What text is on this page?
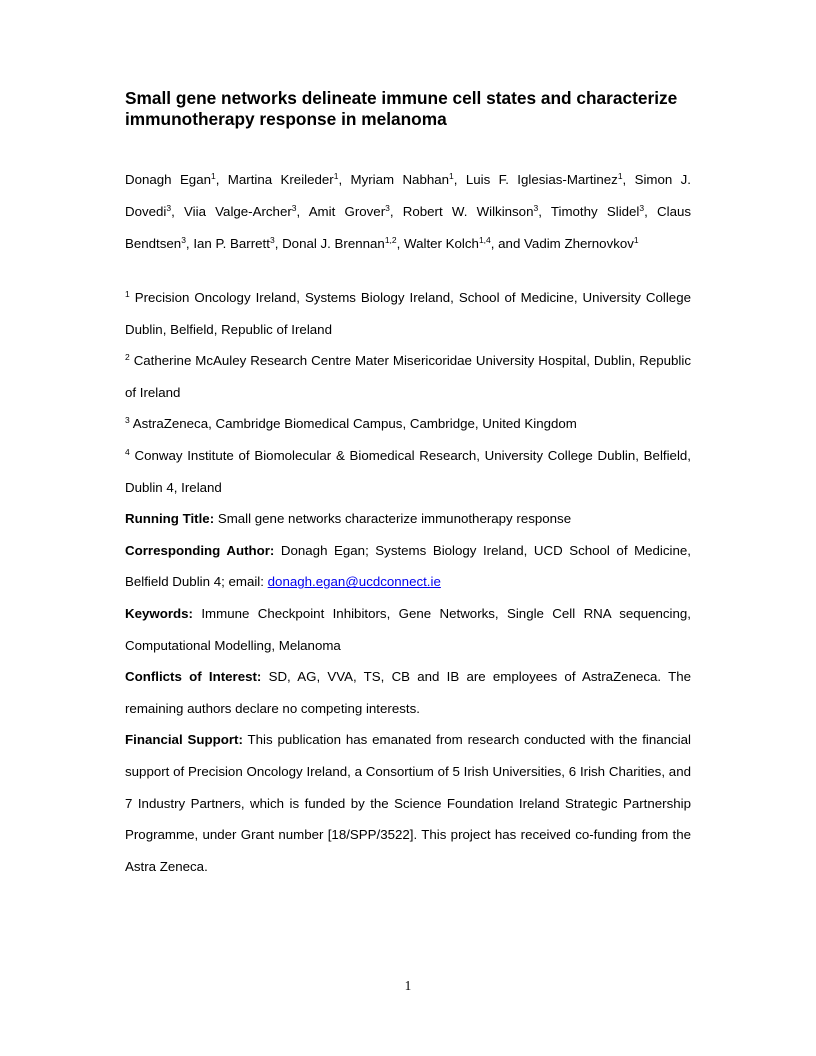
Small gene networks delineate immune cell states and characterize immunotherapy response in melanoma
Donagh Egan$^1$, Martina Kreileder$^1$, Myriam Nabhan$^1$, Luis F. Iglesias-Martinez$^1$, Simon J. Dovedi$^3$, Viia Valge-Archer$^3$, Amit Grover$^3$, Robert W. Wilkinson$^3$, Timothy Slidel$^3$, Claus Bendtsen$^3$, Ian P. Barrett$^3$, Donal J. Brennan$^{1,2}$, Walter Kolch$^{1,4}$, and Vadim Zhernovkov$^1$

$^1$ Precision Oncology Ireland, Systems Biology Ireland, School of Medicine, University College Dublin, Belfield, Republic of Ireland

$^2$ Catherine McAuley Research Centre Mater Misericoridae University Hospital, Dublin, Republic of Ireland

$^3$ AstraZeneca, Cambridge Biomedical Campus, Cambridge, United Kingdom

$^4$ Conway Institute of Biomolecular & Biomedical Research, University College Dublin, Belfield, Dublin 4, Ireland

Running Title: Small gene networks characterize immunotherapy response

Corresponding Author: Donagh Egan; Systems Biology Ireland, UCD School of Medicine, Belfield Dublin 4; email: donagh.egan@ucdconnect.ie

Keywords: Immune Checkpoint Inhibitors, Gene Networks, Single Cell RNA sequencing, Computational Modelling, Melanoma

Conflicts of Interest: SD, AG, VVA, TS, CB and IB are employees of AstraZeneca. The remaining authors declare no competing interests.

Financial Support: This publication has emanated from research conducted with the financial support of Precision Oncology Ireland, a Consortium of 5 Irish Universities, 6 Irish Charities, and 7 Industry Partners, which is funded by the Science Foundation Ireland Strategic Partnership Programme, under Grant number [18/SPP/3522]. This project has received co-funding from the Astra Zeneca.

1
